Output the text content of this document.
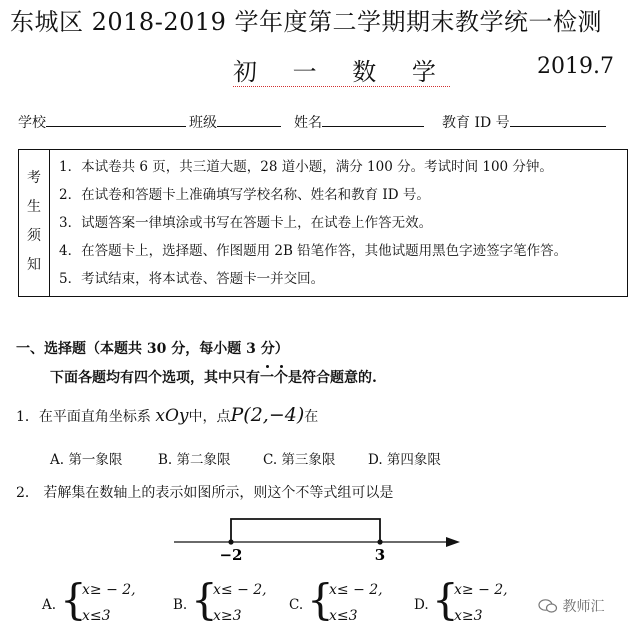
东城区 2018-2019 学年度第二学期期末教学统一检测
初 一 数 学	2019.7
学校	班级	姓名	教育 ID 号
考
生
须
知
1．本试卷共 6 页，共三道大题，28 道小题，满分 100 分。考试时间 100 分钟。
2．在试卷和答题卡上准确填写学校名称、姓名和教育 ID 号。
3．试题答案一律填涂或书写在答题卡上，在试卷上作答无效。
4．在答题卡上，选择题、作图题用 2B 铅笔作答，其他试题用黑色字迹签字笔作答。
5．考试结束，将本试卷、答题卡一并交回。
一、选择题（本题共 30 分，每小题 3 分）
下面各题均有四个选项，其中只有一个是符合题意的.
1．在平面直角坐标系 xOy中，点P(2,−4)在
A. 第一象限	B. 第二象限 C. 第三象限 D. 第四象限
2． 若解集在数轴上的表示如图所示，则这个不等式组可以是
−2	3
A. {
x≥ − 2,
x≤3
B. {
x≤ − 2,
x≥3
C. {
x≤ − 2,
x≤3
D. {
x≥ − 2,
x≥3
教师汇
